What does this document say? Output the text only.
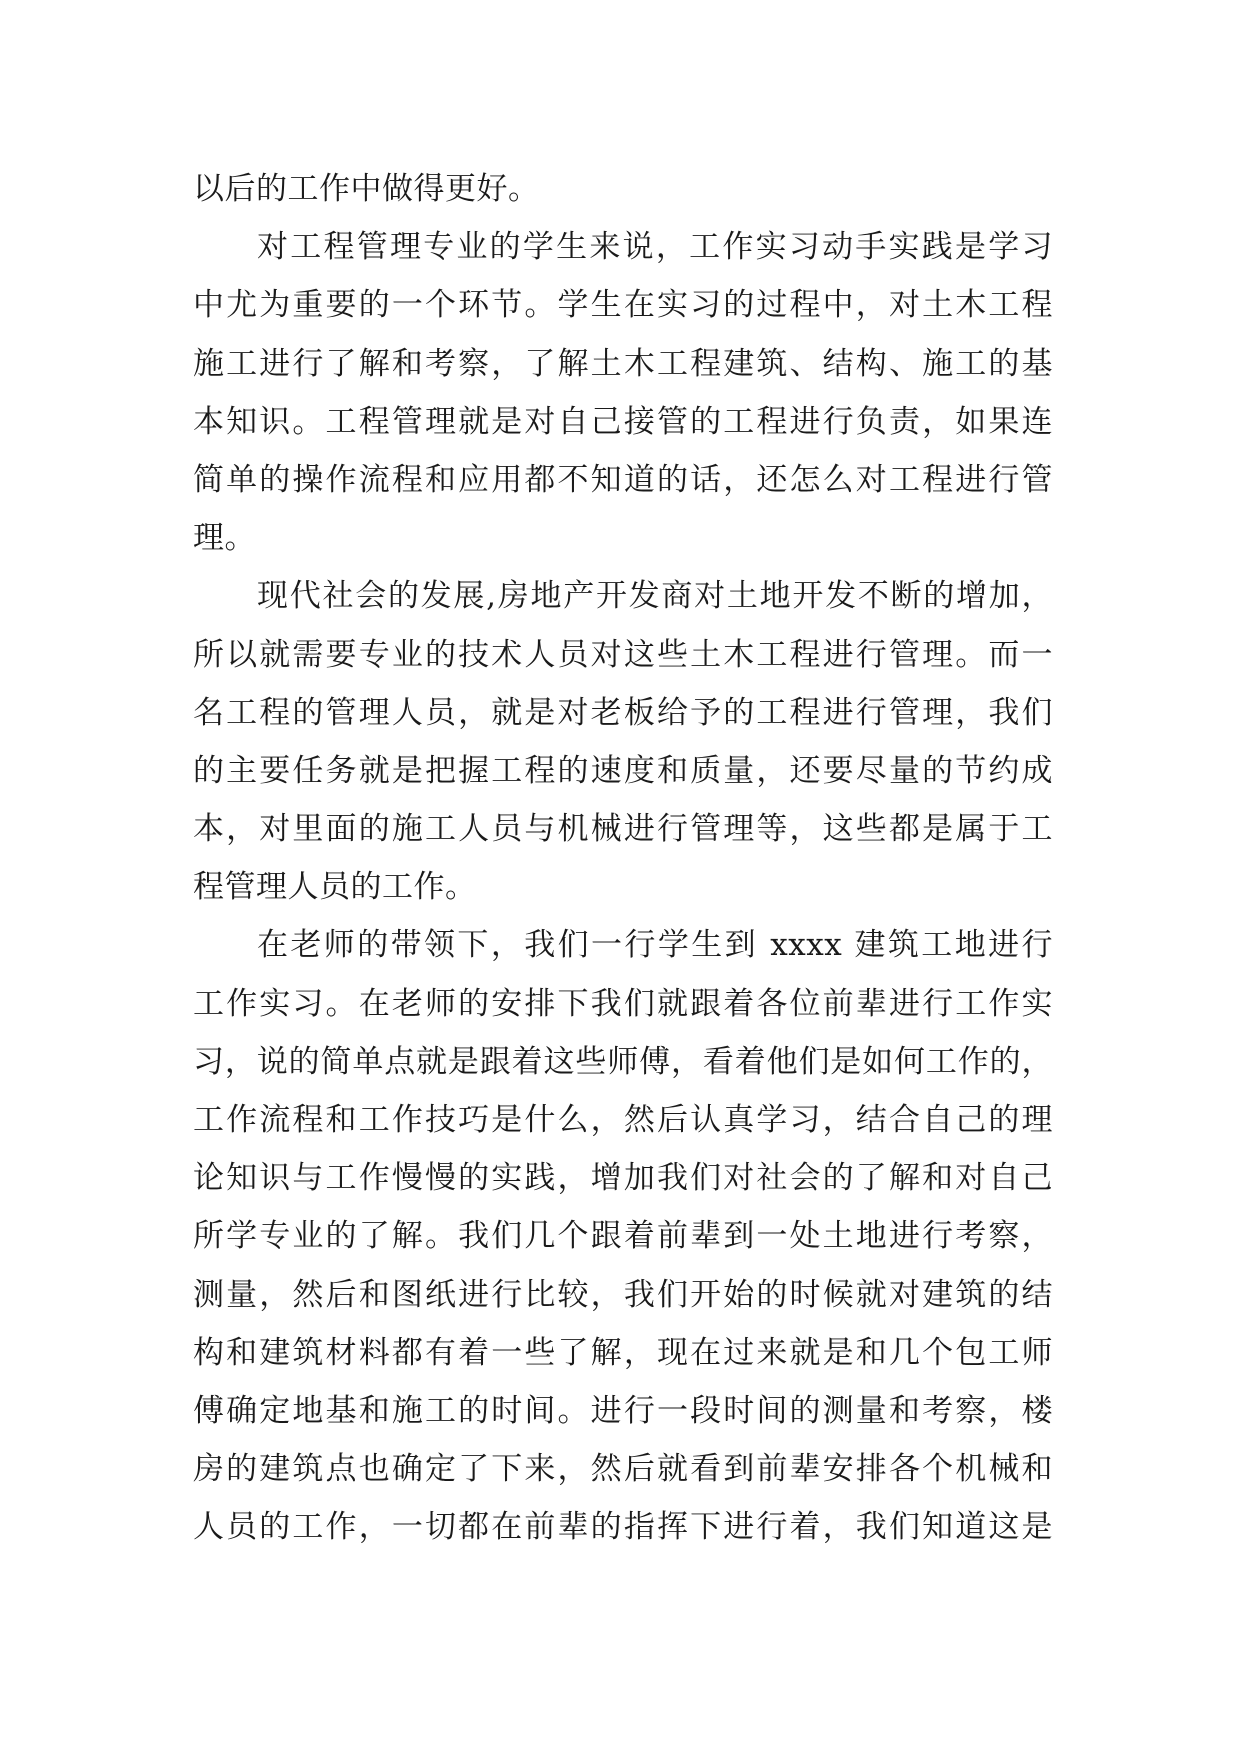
以后的工作中做得更好。
对工程管理专业的学生来说，工作实习动手实践是学习
中尤为重要的一个环节。学生在实习的过程中，对土木工程
施工进行了解和考察，了解土木工程建筑、结构、施工的基
本知识。工程管理就是对自己接管的工程进行负责，如果连
简单的操作流程和应用都不知道的话，还怎么对工程进行管
理。
现代社会的发展,房地产开发商对土地开发不断的增加，
所以就需要专业的技术人员对这些土木工程进行管理。而一
名工程的管理人员，就是对老板给予的工程进行管理，我们
的主要任务就是把握工程的速度和质量，还要尽量的节约成
本，对里面的施工人员与机械进行管理等，这些都是属于工
程管理人员的工作。
在老师的带领下，我们一行学生到 xxxx 建筑工地进行
工作实习。在老师的安排下我们就跟着各位前辈进行工作实
习，说的简单点就是跟着这些师傅，看着他们是如何工作的，
工作流程和工作技巧是什么，然后认真学习，结合自己的理
论知识与工作慢慢的实践，增加我们对社会的了解和对自己
所学专业的了解。我们几个跟着前辈到一处土地进行考察，
测量，然后和图纸进行比较，我们开始的时候就对建筑的结
构和建筑材料都有着一些了解，现在过来就是和几个包工师
傅确定地基和施工的时间。进行一段时间的测量和考察，楼
房的建筑点也确定了下来，然后就看到前辈安排各个机械和
人员的工作，一切都在前辈的指挥下进行着，我们知道这是
